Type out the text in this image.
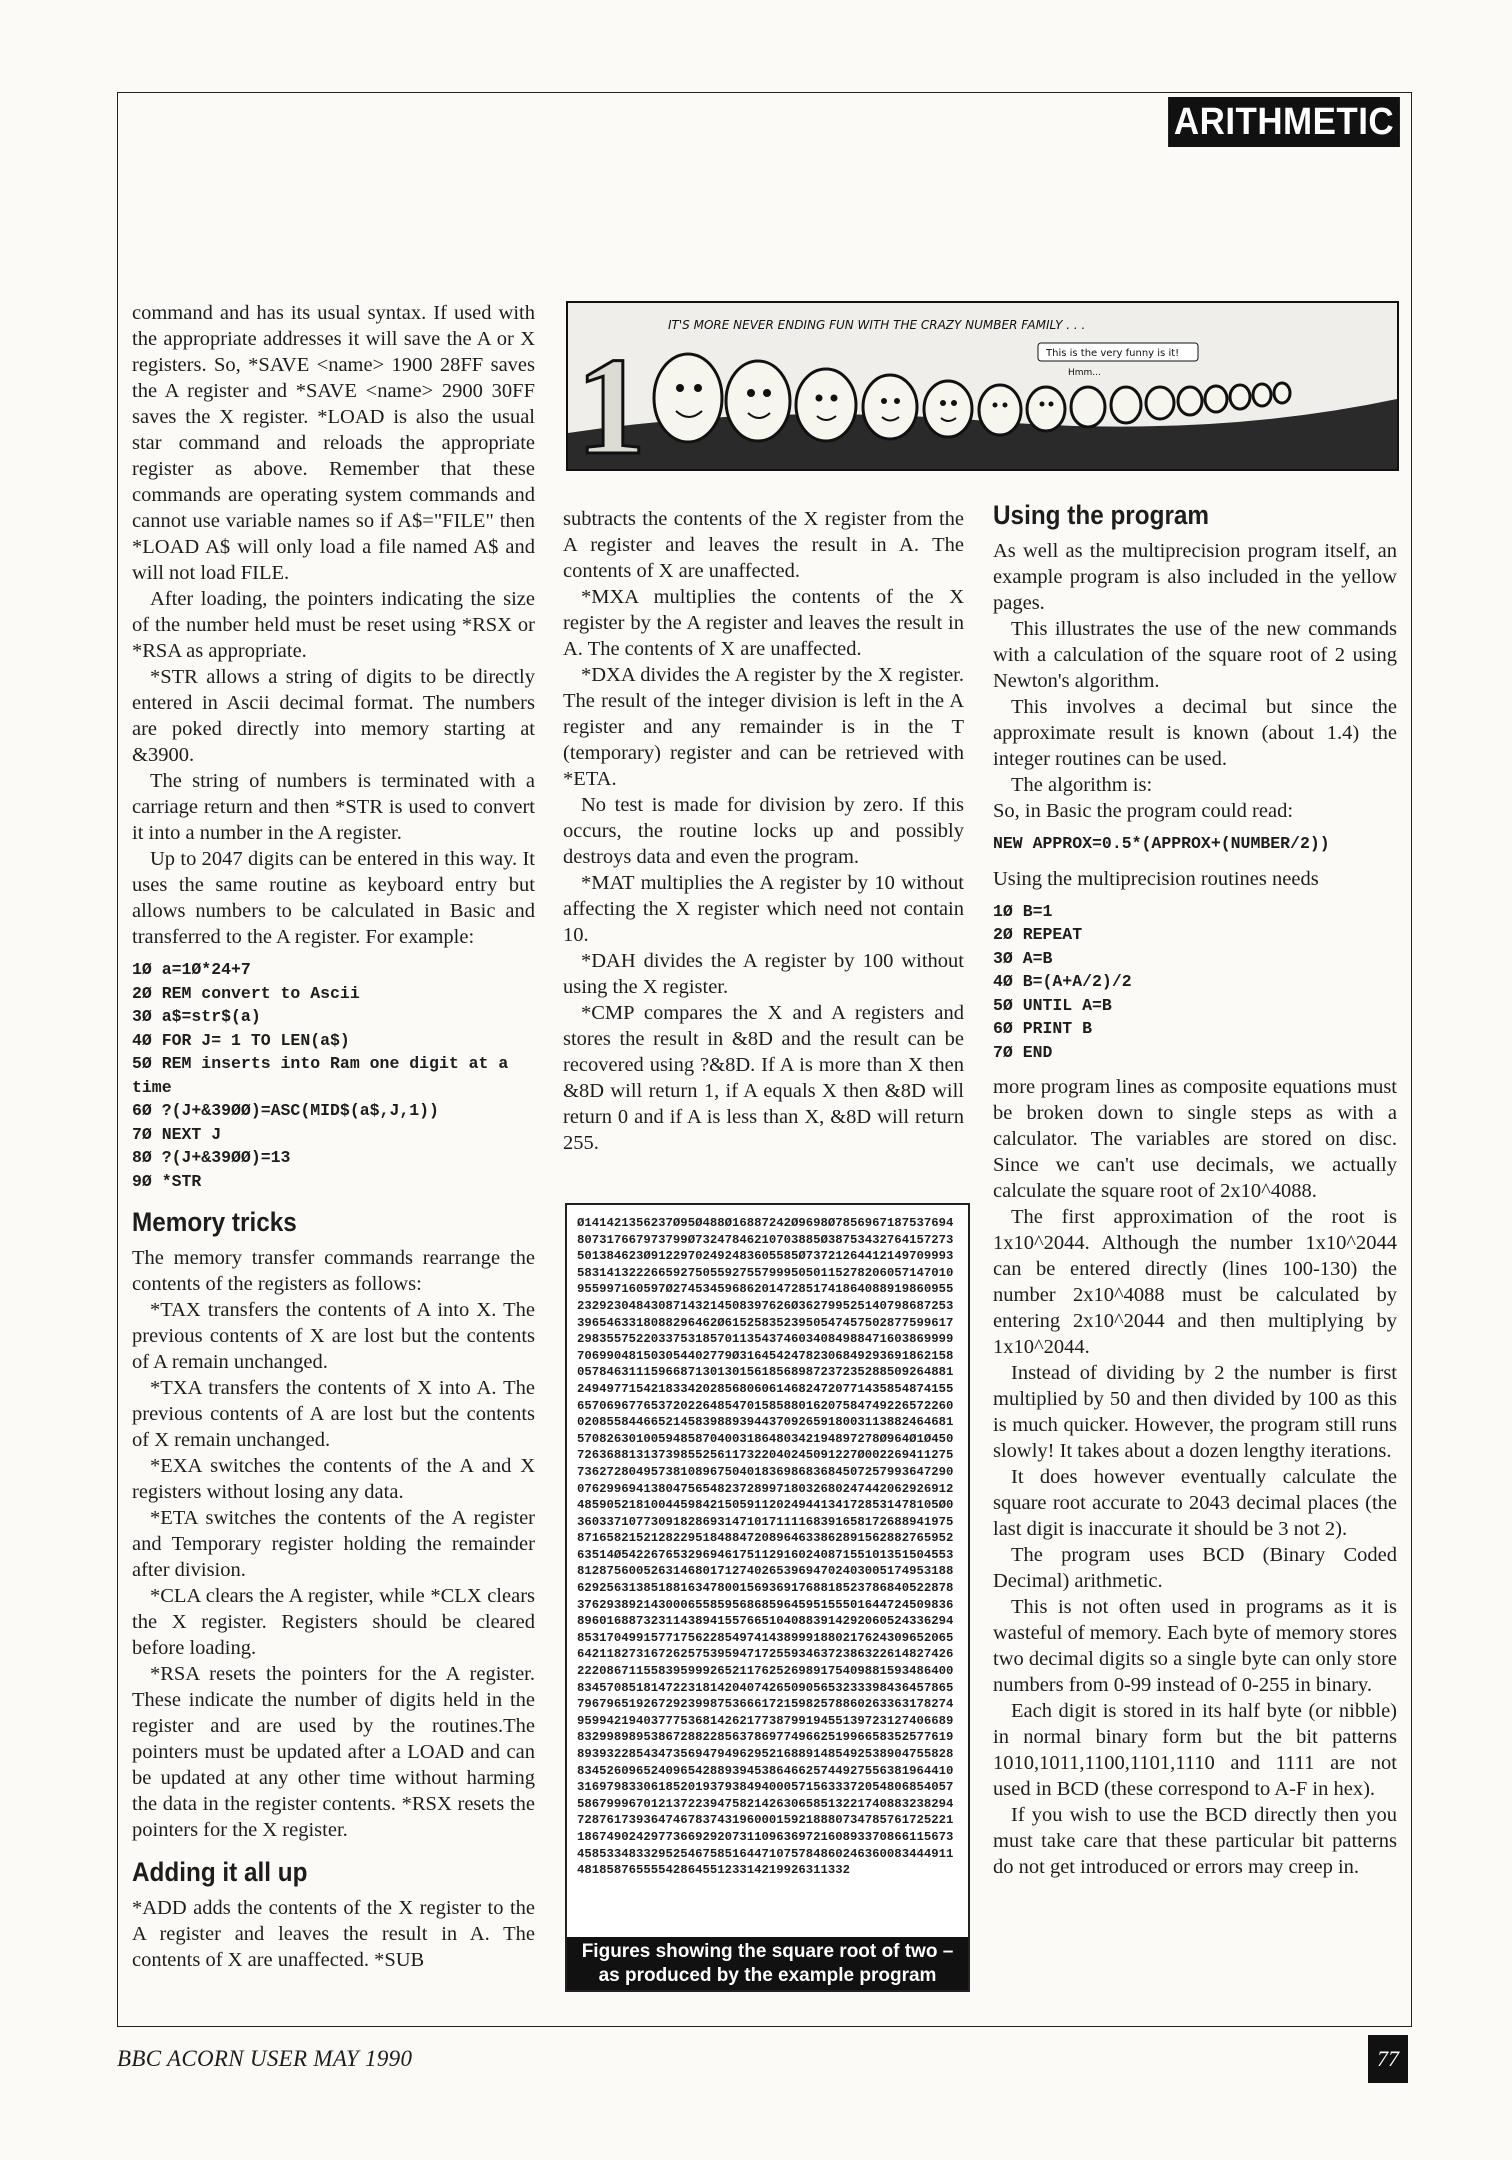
ARITHMETIC

command and has its usual syntax. If used with the appropriate addresses it will save the A or X registers. So, *SAVE <name> 1900 28FF saves the A register and *SAVE <name> 2900 30FF saves the X register. *LOAD is also the usual star command and reloads the appropriate register as above. Remember that these commands are operating system commands and cannot use variable names so if A$="FILE" then *LOAD A$ will only load a file named A$ and will not load FILE.

After loading, the pointers indicating the size of the number held must be reset using *RSX or *RSA as appropriate.

*STR allows a string of digits to be directly entered in Ascii decimal format. The numbers are poked directly into memory starting at &3900.

The string of numbers is terminated with a carriage return and then *STR is used to convert it into a number in the A register.

Up to 2047 digits can be entered in this way. It uses the same routine as keyboard entry but allows numbers to be calculated in Basic and transferred to the A register. For example:

1Ø a=1Ø*24+7
2Ø REM convert to Ascii
3Ø a$=str$(a)
4Ø FOR J= 1 TO LEN(a$)
5Ø REM inserts into Ram one digit at a time
6Ø ?(J+&39ØØ)=ASC(MID$(a$,J,1))
7Ø NEXT J
8Ø ?(J+&39ØØ)=13
9Ø *STR
Memory tricks

The memory transfer commands rearrange the contents of the registers as follows:

*TAX transfers the contents of A into X. The previous contents of X are lost but the contents of A remain unchanged.

*TXA transfers the contents of X into A. The previous contents of A are lost but the contents of X remain unchanged.

*EXA switches the contents of the A and X registers without losing any data.

*ETA switches the contents of the A register and Temporary register holding the remainder after division.

*CLA clears the A register, while *CLX clears the X register. Registers should be cleared before loading.

*RSA resets the pointers for the A register. These indicate the number of digits held in the register and are used by the routines.The pointers must be updated after a LOAD and can be updated at any other time without harming the data in the register contents. *RSX resets the pointers for the X register.

Adding it all up

*ADD adds the contents of the X register to the A register and leaves the result in A. The contents of X are unaffected. *SUB

IT'S MORE NEVER ENDING FUN WITH THE CRAZY NUMBER FAMILY . . .
This is the very funny is it!
Hmm...
1

subtracts the contents of the X register from the A register and leaves the result in A. The contents of X are unaffected.

*MXA multiplies the contents of the X register by the A register and leaves the result in A. The contents of X are unaffected.

*DXA divides the A register by the X register. The result of the integer division is left in the A register and any remainder is in the T (temporary) register and can be retrieved with *ETA.

No test is made for division by zero. If this occurs, the routine locks up and possibly destroys data and even the program.

*MAT multiplies the A register by 10 without affecting the X register which need not contain 10.

*DAH divides the A register by 100 without using the X register.

*CMP compares the X and A registers and stores the result in &8D and the result can be recovered using ?&8D. If A is more than X then &8D will return 1, if A equals X then &8D will return 0 and if A is less than X, &8D will return 255.

Ø141421356237Ø95Ø488Ø16887242Ø9698Ø7856967187537694807317667973799Ø73247846210703885Ø38753432764157273501384623Ø91229702492483605585Ø73721264412149709993583141322266592750559275579995050115278206057147010955997160597Ø2745345968620147285174186408891986095523292304843087143214508397626Ø3627995251407986872533965463318088296462Ø6152583523950547457502877599617298355752203375318570113543746034084988471603869999706990481503054402779Ø3164542478230684929369186215805784631115966871301301561856898723723528850926488124949771542183342028568060614682472077143585487415565706967765372022648547015858801620758474922657226002085584466521458398893944370926591800311388246468157082630100594858704003186480342194897278Ø964Ø1Ø45072636881313739855256117322040245091227Ø0022694112757362728049573810896750401836986836845072579936472900762996941380475654823728997180326802474420629269124859052181004459842150591120249441341728531478105Ø036033710773091828693147101711116839165817268894197587165821521282295184884720896463386289156288276595263514Ø5422676532969461751129160240871551013515045538128756005263146801712740265396947024030051749531886292563138518816347800156936917688185237868405228783762938921430006558595686859645951555016447245098368960168873231143894155766510408839142920605243362948531704991577175622854974143899918802176243096520656421182731672625753959471725593463723863226148274262220867115583959992652117625269891754098815934864008345708518147223181420407426509056532333984364578657967965192672923998753666172159825788602633631782749599421940377753681426217738799194551397231274066898329989895386728822856378697749662519966583525776198939322854347356947949629521688914854925389047558288345260965240965428893945386466257449275563819644103169798330618520193793849400057156333720548068540575867999670121372239475821426306585132217408832382947287617393647467837431960001592188807347857617252211867490242977366929207311096369721608933708661156734585334833295254675851644710757848602463600834449114818587655554286455123314219926311332
Figures showing the square root of two –
as produced by the example program
Using the program

As well as the multiprecision program itself, an example program is also included in the yellow pages.

This illustrates the use of the new commands with a calculation of the square root of 2 using Newton's algorithm.

This involves a decimal but since the approximate result is known (about 1.4) the integer routines can be used.

The algorithm is:

So, in Basic the program could read:

NEW APPROX=0.5*(APPROX+(NUMBER/2))

Using the multiprecision routines needs

1Ø B=1
2Ø REPEAT
3Ø A=B
4Ø B=(A+A/2)/2
5Ø UNTIL A=B
6Ø PRINT B
7Ø END

more program lines as composite equations must be broken down to single steps as with a calculator. The variables are stored on disc. Since we can't use decimals, we actually calculate the square root of 2x10^4088.

The first approximation of the root is 1x10^2044. Although the number 1x10^2044 can be entered directly (lines 100-130) the number 2x10^4088 must be calculated by entering 2x10^2044 and then multiplying by 1x10^2044.

Instead of dividing by 2 the number is first multiplied by 50 and then divided by 100 as this is much quicker. However, the program still runs slowly! It takes about a dozen lengthy iterations.

It does however eventually calculate the square root accurate to 2043 decimal places (the last digit is inaccurate it should be 3 not 2).

The program uses BCD (Binary Coded Decimal) arithmetic.

This is not often used in programs as it is wasteful of memory. Each byte of memory stores two decimal digits so a single byte can only store numbers from 0-99 instead of 0-255 in binary.

Each digit is stored in its half byte (or nibble) in normal binary form but the bit patterns 1010,1011,1100,1101,1110 and 1111 are not used in BCD (these correspond to A-F in hex).

If you wish to use the BCD directly then you must take care that these particular bit patterns do not get introduced or errors may creep in.

BBC ACORN USER MAY 1990	77
